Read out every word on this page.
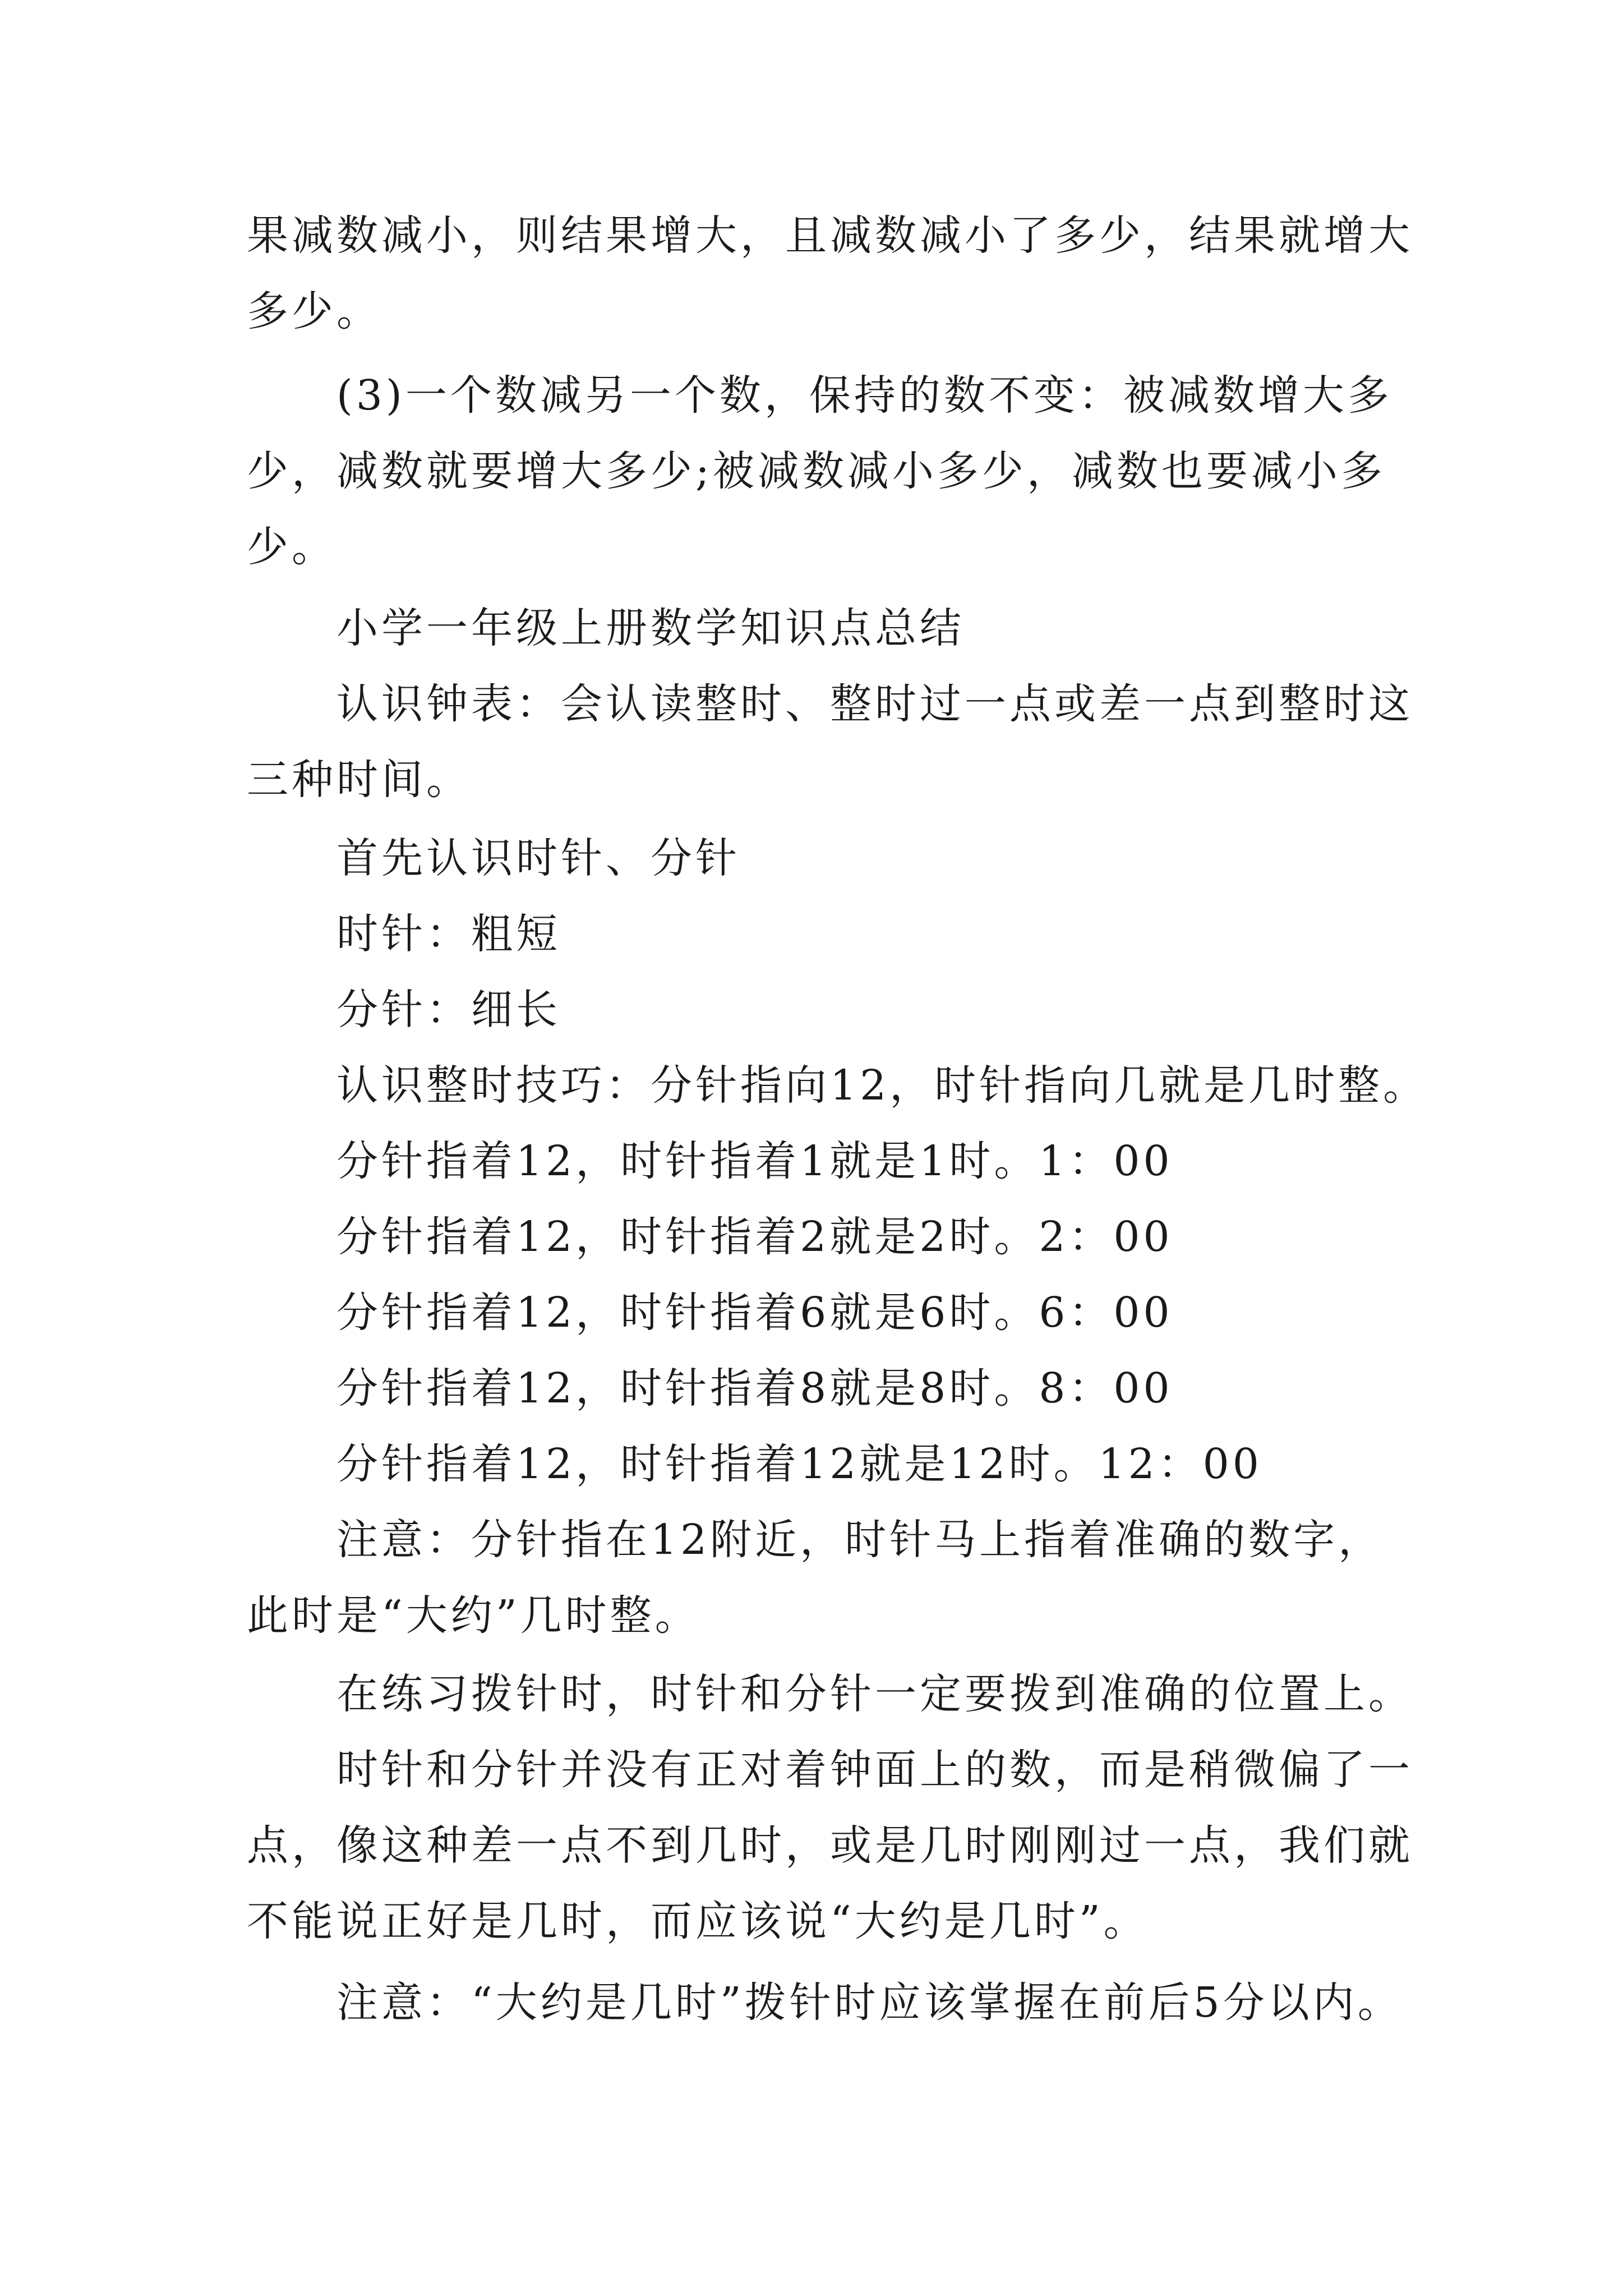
果减数减小，则结果增大，且减数减小了多少，结果就增大
多少。
(3)一个数减另一个数，保持的数不变：被减数增大多
少，减数就要增大多少;被减数减小多少，减数也要减小多
少。
小学一年级上册数学知识点总结
认识钟表：会认读整时、整时过一点或差一点到整时这
三种时间。
首先认识时针、分针
时针：粗短
分针：细长
认识整时技巧：分针指向12，时针指向几就是几时整。
分针指着12，时针指着1就是1时。1：00
分针指着12，时针指着2就是2时。2：00
分针指着12，时针指着6就是6时。6：00
分针指着12，时针指着8就是8时。8：00
分针指着12，时针指着12就是12时。12：00
注意：分针指在12附近，时针马上指着准确的数字，
此时是“大约”几时整。
在练习拨针时，时针和分针一定要拨到准确的位置上。
时针和分针并没有正对着钟面上的数，而是稍微偏了一
点，像这种差一点不到几时，或是几时刚刚过一点，我们就
不能说正好是几时，而应该说“大约是几时”。
注意：“大约是几时”拨针时应该掌握在前后5分以内。
